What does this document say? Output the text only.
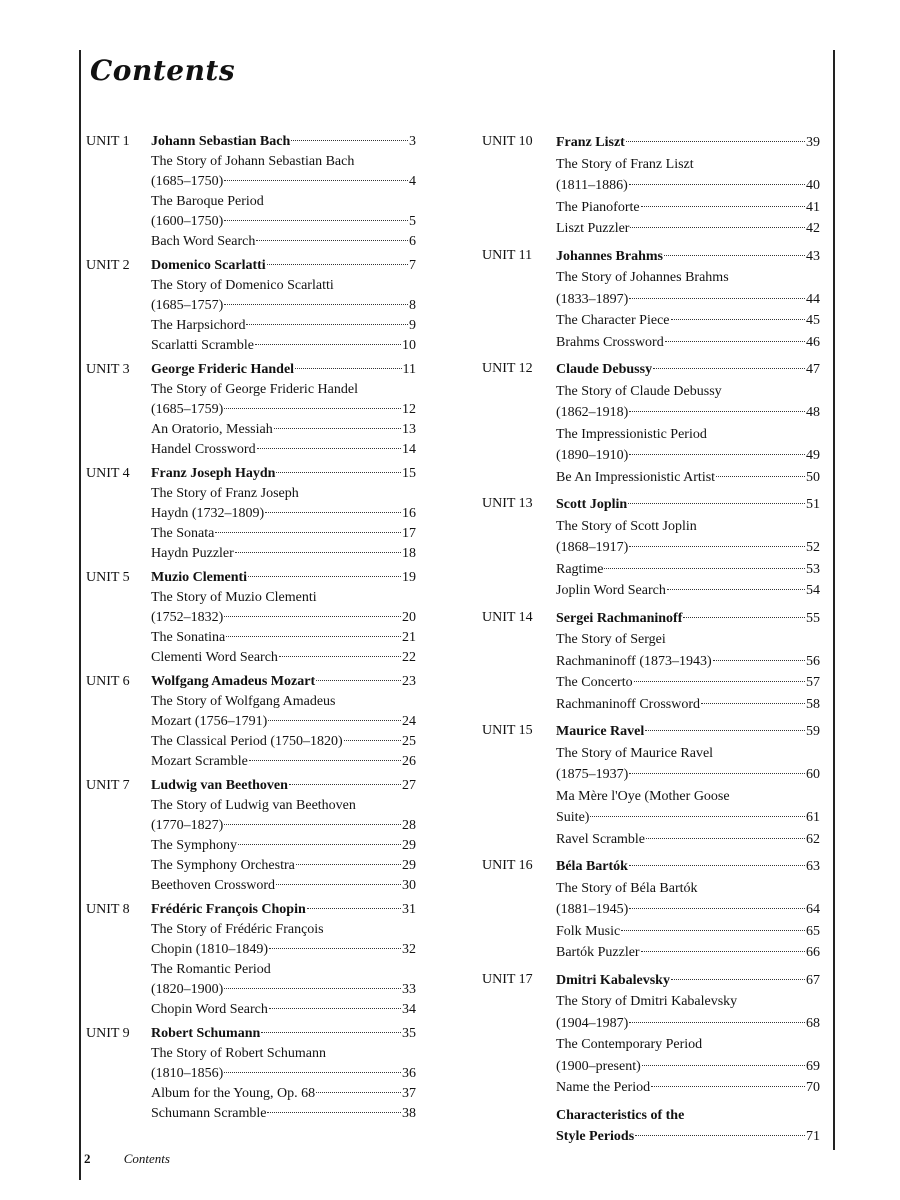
Contents
UNIT 1	Johann Sebastian Bach	3
The Story of Johann Sebastian Bach
(1685–1750)	4
The Baroque Period
(1600–1750)	5
Bach Word Search	6
UNIT 2	Domenico Scarlatti	7
The Story of Domenico Scarlatti
(1685–1757)	8
The Harpsichord	9
Scarlatti Scramble	10
UNIT 3	George Frideric Handel	11
The Story of George Frideric Handel
(1685–1759)	12
An Oratorio, Messiah	13
Handel Crossword	14
UNIT 4	Franz Joseph Haydn	15
The Story of Franz Joseph
Haydn (1732–1809)	16
The Sonata	17
Haydn Puzzler	18
UNIT 5	Muzio Clementi	19
The Story of Muzio Clementi
(1752–1832)	20
The Sonatina	21
Clementi Word Search	22
UNIT 6	Wolfgang Amadeus Mozart	23
The Story of Wolfgang Amadeus
Mozart (1756–1791)	24
The Classical Period (1750–1820)	25
Mozart Scramble	26
UNIT 7	Ludwig van Beethoven	27
The Story of Ludwig van Beethoven
(1770–1827)	28
The Symphony	29
The Symphony Orchestra	29
Beethoven Crossword	30
UNIT 8	Frédéric François Chopin	31
The Story of Frédéric François
Chopin (1810–1849)	32
The Romantic Period
(1820–1900)	33
Chopin Word Search	34
UNIT 9	Robert Schumann	35
The Story of Robert Schumann
(1810–1856)	36
Album for the Young, Op. 68	37
Schumann Scramble	38
UNIT 10	Franz Liszt	39
The Story of Franz Liszt
(1811–1886)	40
The Pianoforte	41
Liszt Puzzler	42
UNIT 11	Johannes Brahms	43
The Story of Johannes Brahms
(1833–1897)	44
The Character Piece	45
Brahms Crossword	46
UNIT 12	Claude Debussy	47
The Story of Claude Debussy
(1862–1918)	48
The Impressionistic Period
(1890–1910)	49
Be An Impressionistic Artist	50
UNIT 13	Scott Joplin	51
The Story of Scott Joplin
(1868–1917)	52
Ragtime	53
Joplin Word Search	54
UNIT 14	Sergei Rachmaninoff	55
The Story of Sergei
Rachmaninoff (1873–1943)	56
The Concerto	57
Rachmaninoff Crossword	58
UNIT 15	Maurice Ravel	59
The Story of Maurice Ravel
(1875–1937)	60
Ma Mère l'Oye (Mother Goose
Suite)	61
Ravel Scramble	62
UNIT 16	Béla Bartók	63
The Story of Béla Bartók
(1881–1945)	64
Folk Music	65
Bartók Puzzler	66
UNIT 17	Dmitri Kabalevsky	67
The Story of Dmitri Kabalevsky
(1904–1987)	68
The Contemporary Period
(1900–present)	69
Name the Period	70
Characteristics of the
Style Periods	71
2	Contents
